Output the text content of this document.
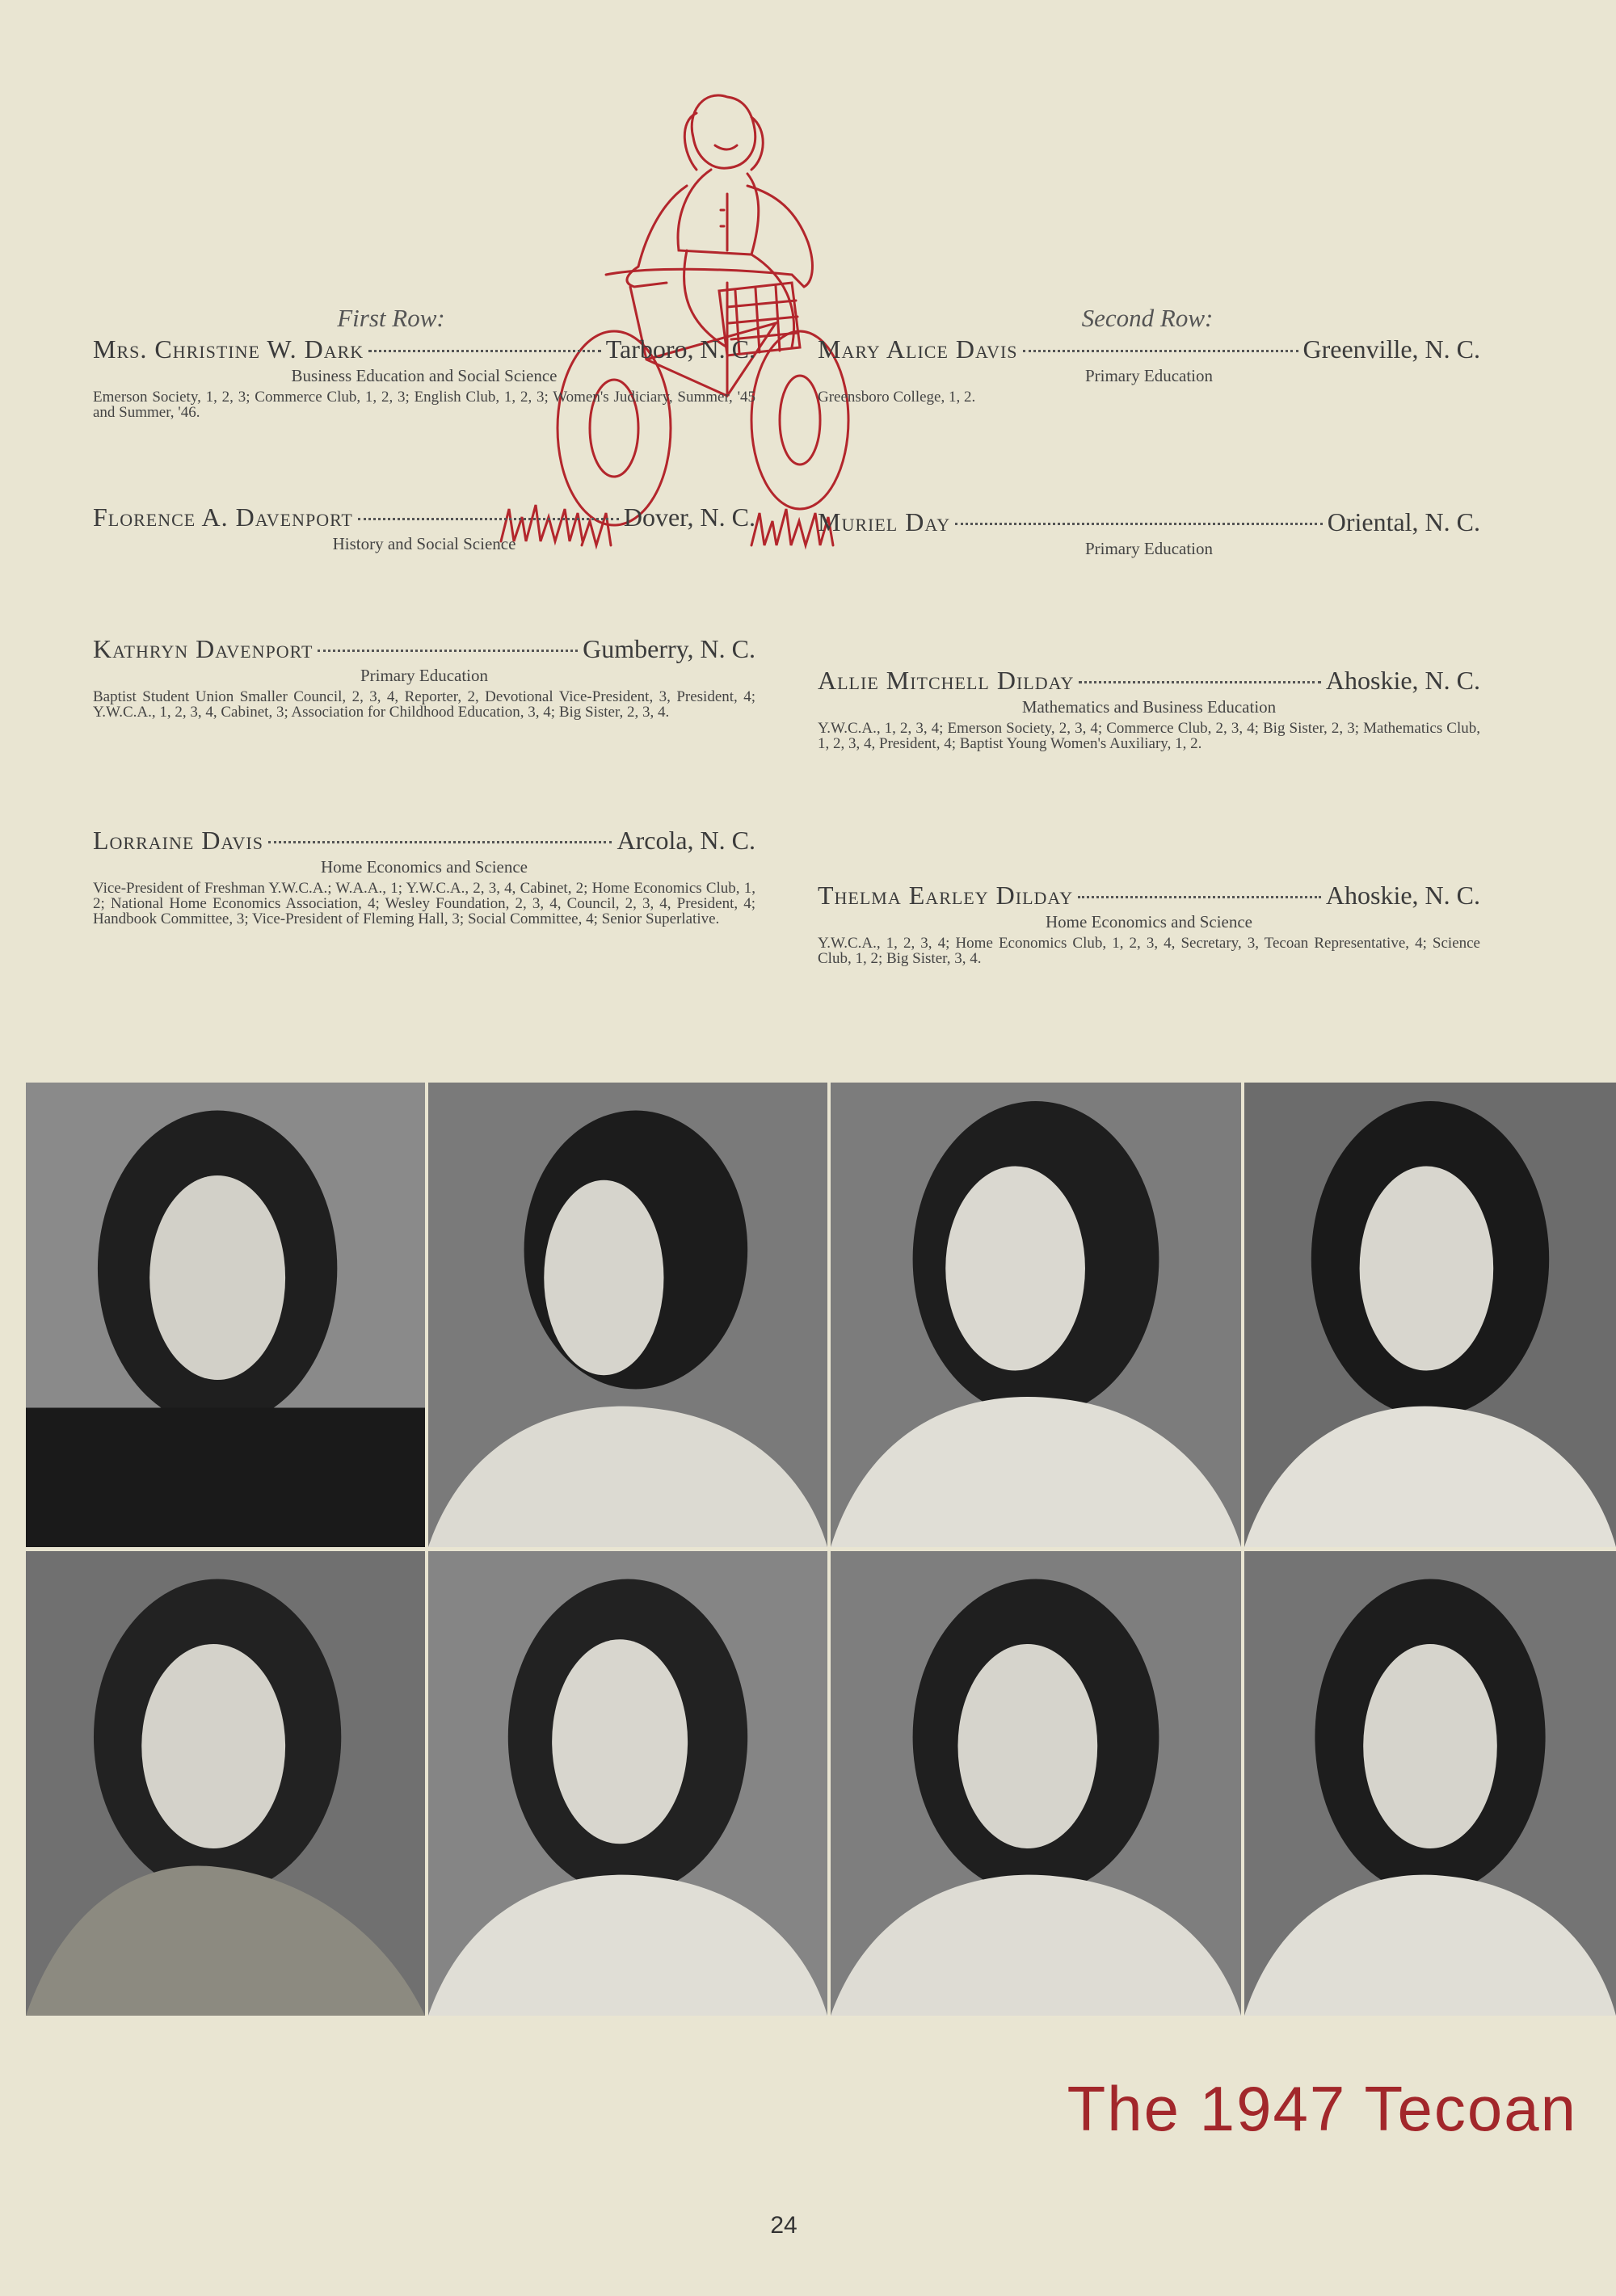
First Row:	Second Row:
Mrs. Christine W. Dark	Tarboro, N. C.
Business Education and Social Science
Emerson Society, 1, 2, 3; Commerce Club, 1, 2, 3; English Club, 1, 2, 3; Women's Judiciary, Summer, '45 and Summer, '46.
Florence A. Davenport	Dover, N. C.
History and Social Science
Kathryn Davenport	Gumberry, N. C.
Primary Education
Baptist Student Union Smaller Council, 2, 3, 4, Reporter, 2, Devotional Vice-President, 3, President, 4; Y.W.C.A., 1, 2, 3, 4, Cabinet, 3; Association for Childhood Education, 3, 4; Big Sister, 2, 3, 4.
Lorraine Davis	Arcola, N. C.
Home Economics and Science
Vice-President of Freshman Y.W.C.A.; W.A.A., 1; Y.W.C.A., 2, 3, 4, Cabinet, 2; Home Economics Club, 1, 2; National Home Economics Association, 4; Wesley Foundation, 2, 3, 4, Council, 2, 3, 4, President, 4; Handbook Committee, 3; Vice-President of Fleming Hall, 3; Social Committee, 4; Senior Superlative.
Mary Alice Davis	Greenville, N. C.
Primary Education
Greensboro College, 1, 2.
Muriel Day	Oriental, N. C.
Primary Education
Allie Mitchell Dilday	Ahoskie, N. C.
Mathematics and Business Education
Y.W.C.A., 1, 2, 3, 4; Emerson Society, 2, 3, 4; Commerce Club, 2, 3, 4; Big Sister, 2, 3; Mathematics Club, 1, 2, 3, 4, President, 4; Baptist Young Women's Auxiliary, 1, 2.
Thelma Earley Dilday	Ahoskie, N. C.
Home Economics and Science
Y.W.C.A., 1, 2, 3, 4; Home Economics Club, 1, 2, 3, 4, Secretary, 3, Tecoan Representative, 4; Science Club, 1, 2; Big Sister, 3, 4.
The 1947 Tecoan
24
